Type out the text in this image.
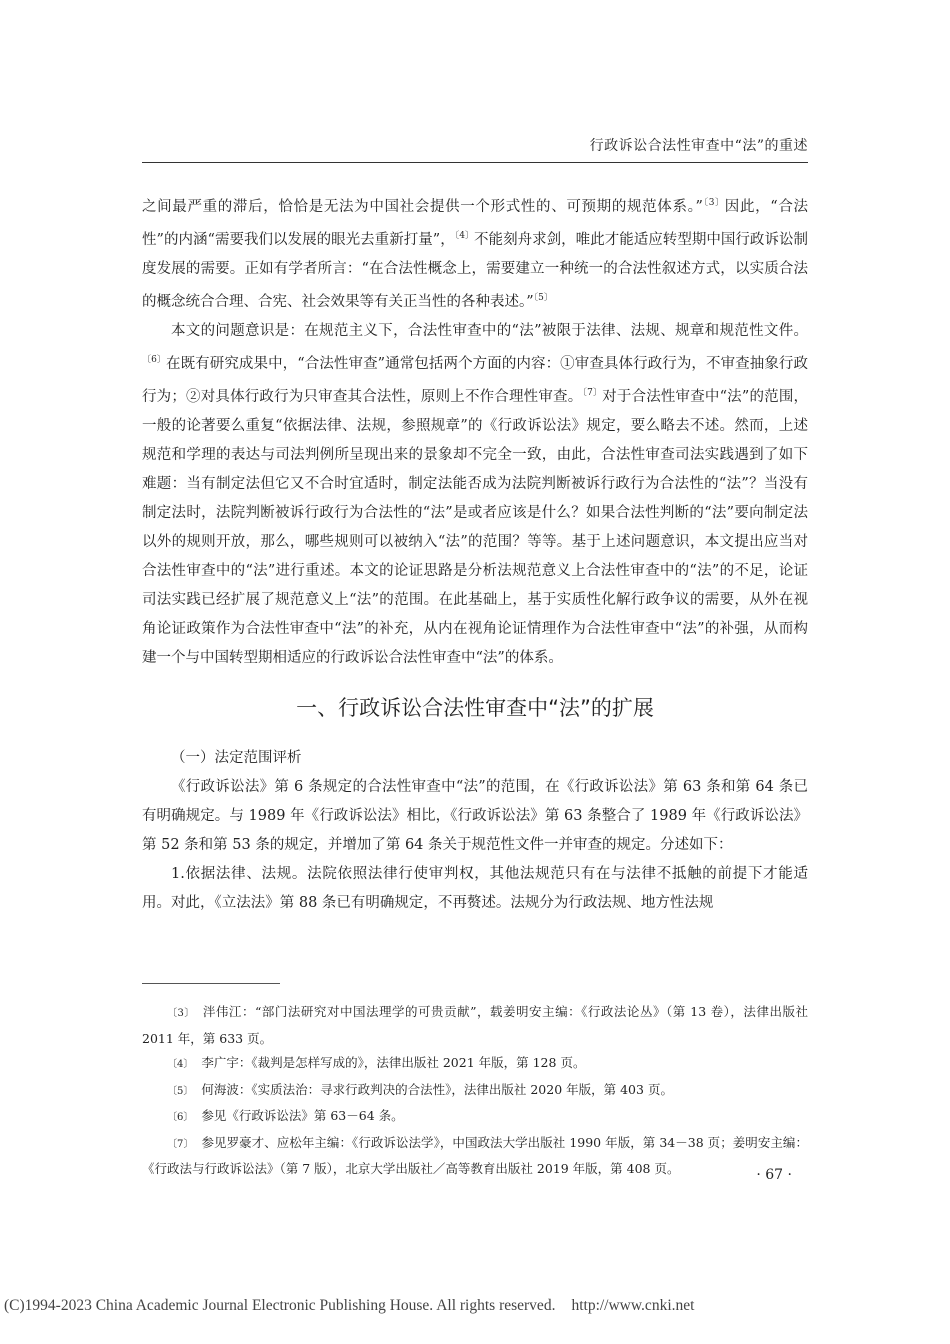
行政诉讼合法性审查中“法”的重述

之间最严重的滞后，恰恰是无法为中国社会提供一个形式性的、可预期的规范体系。”$^{〔3〕}$因此，“合法性”的内涵“需要我们以发展的眼光去重新打量”，$^{〔4〕}$不能刻舟求剑，唯此才能适应转型期中国行政诉讼制度发展的需要。正如有学者所言：“在合法性概念上，需要建立一种统一的合法性叙述方式，以实质合法的概念统合合理、合宪、社会效果等有关正当性的各种表述。”$^{〔5〕}$

本文的问题意识是：在规范主义下，合法性审查中的“法”被限于法律、法规、规章和规范性文件。$^{〔6〕}$在既有研究成果中，“合法性审查”通常包括两个方面的内容：①审查具体行政行为，不审查抽象行政行为；②对具体行政行为只审查其合法性，原则上不作合理性审查。$^{〔7〕}$对于合法性审查中“法”的范围，一般的论著要么重复“依据法律、法规，参照规章”的《行政诉讼法》规定，要么略去不述。然而，上述规范和学理的表达与司法判例所呈现出来的景象却不完全一致，由此，合法性审查司法实践遇到了如下难题：当有制定法但它又不合时宜适时，制定法能否成为法院判断被诉行政行为合法性的“法”？当没有制定法时，法院判断被诉行政行为合法性的“法”是或者应该是什么？如果合法性判断的“法”要向制定法以外的规则开放，那么，哪些规则可以被纳入“法”的范围？等等。基于上述问题意识，本文提出应当对合法性审查中的“法”进行重述。本文的论证思路是分析法规范意义上合法性审查中的“法”的不足，论证司法实践已经扩展了规范意义上“法”的范围。在此基础上，基于实质性化解行政争议的需要，从外在视角论证政策作为合法性审查中“法”的补充，从内在视角论证情理作为合法性审查中“法”的补强，从而构建一个与中国转型期相适应的行政诉讼合法性审查中“法”的体系。

一、行政诉讼合法性审查中“法”的扩展

（一）法定范围评析

《行政诉讼法》第 6 条规定的合法性审查中“法”的范围，在《行政诉讼法》第 63 条和第 64 条已有明确规定。与 1989 年《行政诉讼法》相比，《行政诉讼法》第 63 条整合了 1989 年《行政诉讼法》第 52 条和第 53 条的规定，并增加了第 64 条关于规范性文件一并审查的规定。分述如下：

1.依据法律、法规。法院依照法律行使审判权，其他法规范只有在与法律不抵触的前提下才能适用。对此，《立法法》第 88 条已有明确规定，不再赘述。法规分为行政法规、地方性法规

〔3〕 泮伟江：“部门法研究对中国法理学的可贵贡献”，载姜明安主编：《行政法论丛》（第 13 卷），法律出版社 2011 年，第 633 页。

〔4〕 李广宇：《裁判是怎样写成的》，法律出版社 2021 年版，第 128 页。

〔5〕 何海波：《实质法治：寻求行政判决的合法性》，法律出版社 2020 年版，第 403 页。

〔6〕 参见《行政诉讼法》第 63－64 条。

〔7〕 参见罗豪才、应松年主编：《行政诉讼法学》，中国政法大学出版社 1990 年版，第 34－38 页；姜明安主编：《行政法与行政诉讼法》（第 7 版），北京大学出版社／高等教育出版社 2019 年版，第 408 页。	· 67 ·
(C)1994-2023 China Academic Journal Electronic Publishing House. All rights reserved. http://www.cnki.net
